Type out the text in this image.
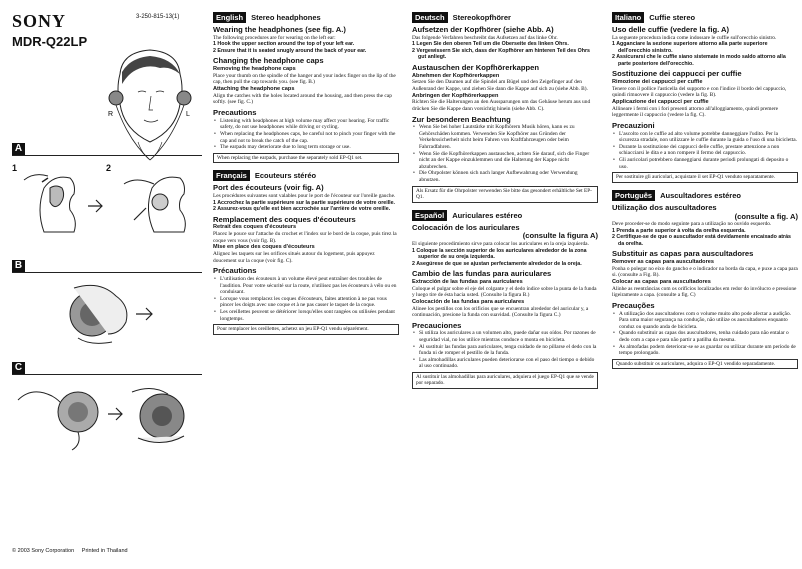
SONY
MDR-Q22LP
3-250-815-13(1)
R	L
A
1	2
B
C
© 2003 Sony Corporation Printed in Thailand
English	Stereo headphones
Wearing the headphones (see fig. A.)
The following procedures are for wearing on the left ear:
1 Hook the upper section around the top of your left ear.
2 Ensure that it is seated snugly around the back of your ear.
Changing the headphone caps
Removing the headphone caps
Place your thumb on the spindle of the hanger and your index finger on the lip of the cap, then pull the cap towards you. (see fig. B.)
Attaching the headphone caps
Align the catches with the holes located around the housing, and then press the cap softly. (see fig. C.)
Precautions
• Listening with headphones at high volume may affect your hearing. For traffic safety, do not use headphones while driving or cycling.
• When replacing the headphones caps, be careful not to pinch your finger with the cap and not to break the catch of the cap.
• The earpads may deteriorate due to long term storage or use.
When replacing the earpads, purchase the separately sold EP-Q1 set.
Français	Ecouteurs stéréo
Port des écouteurs (voir fig. A)
Les procédures suivantes sont valables pour le port de l'écouteur sur l'oreille gauche.
1 Accrochez la partie supérieure sur la partie supérieure de votre oreille.
2 Assurez-vous qu'elle est bien accrochée sur l'arrière de votre oreille.
Remplacement des coques d'écouteurs
Retrait des coques d'écouteurs
Placez le pouce sur l'attache du crochet et l'index sur le bord de la coque, puis tirez la coque vers vous (voir fig. B).
Mise en place des coques d'écouteurs
Alignez les taquets sur les orifices situés autour du logement, puis appuyez doucement sur la coque (voir fig. C).
Précautions
• L'utilisation des écouteurs à un volume élevé peut entraîner des troubles de l'audition. Pour votre sécurité sur la route, n'utilisez pas les écouteurs à vélo ou en conduisant.
• Lorsque vous remplacez les coques d'écouteurs, faites attention à ne pas vous pincer les doigts avec une coque et à ne pas casser le taquet de la coque.
• Les oreillettes peuvent se détériorer lorsqu'elles sont rangées ou utilisées pendant longtemps.
Pour remplacer les oreillettes, achetez un jeu EP-Q1 vendu séparément.
Deutsch	Stereokopfhörer
Aufsetzen der Kopfhörer (siehe Abb. A)
Das folgende Verfahren beschreibt das Aufsetzen auf das linke Ohr.
1 Legen Sie den oberen Teil um die Oberseite des linken Ohrs.
2 Vergewissern Sie sich, dass der Kopfhörer am hinteren Teil des Ohrs gut anliegt.
Austauschen der Kopfhörerkappen
Abnehmen der Kopfhörerkappen
Setzen Sie den Daumen auf die Spindel am Bügel und den Zeigefinger auf den Außenrand der Kappe, und ziehen Sie dann die Kappe auf sich zu (siehe Abb. B).
Anbringen der Kopfhörerkappen
Richten Sie die Halterungen an den Aussparungen um das Gehäuse herum aus und drücken Sie die Kappe dann vorsichtig hinein (siehe Abb. C).
Zur besonderen Beachtung
• Wenn Sie bei hoher Lautstärke mit Kopfhörern Musik hören, kann es zu Gehörschäden kommen. Verwenden Sie Kopfhörer aus Gründen der Verkehrssicherheit nicht beim Fahren von Kraftfahrzeugen oder beim Fahrradfahren.
• Wenn Sie die Kopfhörerkappen austauschen, achten Sie darauf, sich die Finger nicht an der Kappe einzuklemmen und die Halterung der Kappe nicht abzubrechen.
• Die Ohrpolster können sich nach langer Aufbewahrung oder Verwendung abnutzen.
Als Ersatz für die Ohrpolster verwenden Sie bitte das gesondert erhältliche Set EP-Q1.
Español	Auriculares estéreo
Colocación de los auriculares
(consulte la figura A)
El siguiente procedimiento sirve para colocar los auriculares en la oreja izquierda.
1 Coloque la sección superior de los auriculares alrededor de la zona superior de su oreja izquierda.
2 Asegúrese de que se ajustan perfectamente alrededor de la oreja.
Cambio de las fundas para auriculares
Extracción de las fundas para auriculares
Coloque el pulgar sobre el eje del colgante y el dedo índice sobre la punta de la funda y luego tire de ésta hacia usted. (Consulte la figura B.)
Colocación de las fundas para auriculares
Alinee los pestillos con los orificios que se encuentran alrededor del auricular y, a continuación, presione la funda con suavidad. (Consulte la figura C.)
Precauciones
• Si utiliza los auriculares a un volumen alto, puede dañar sus oídos. Por razones de seguridad vial, no los utilice mientras conduce o monta en bicicleta.
• Al sustituir las fundas para auriculares, tenga cuidado de no pillarse el dedo con la funda ni de romper el pestillo de la funda.
• Las almohadillas auriculares pueden deteriorarse con el paso del tiempo o debido al uso continuado.
Al sustituir las almohadillas para auriculares, adquiera el juego EP-Q1 que se vende por separado.
Italiano	Cuffie stereo
Uso delle cuffie (vedere la fig. A)
La seguente procedura indica come indossare le cuffie sull'orecchio sinistro.
1 Agganciare la sezione superiore attorno alla parte superiore dell'orecchio sinistro.
2 Assicurarsi che le cuffie siano sistemate in modo saldo attorno alla parte posteriore dell'orecchio.
Sostituzione dei cappucci per cuffie
Rimozione dei cappucci per cuffie
Tenere con il pollice l'asticella del supporto e con l'indice il bordo del cappuccio, quindi rimuovere il cappuccio (vedere la fig. B).
Applicazione dei cappucci per cuffie
Allineare i fermi con i fori presenti attorno all'alloggiamento, quindi premere leggermente il cappuccio (vedere la fig. C).
Precauzioni
• L'ascolto con le cuffie ad alto volume potrebbe danneggiare l'udito. Per la sicurezza stradale, non utilizzare le cuffie durante la guida o l'uso di una bicicletta.
• Durante la sostituzione dei cappucci delle cuffie, prestare attenzione a non schiacciarsi le dita e a non rompere il fermo del cappuccio.
• Gli auricolari potrebbero danneggiarsi durante periodi prolungati di deposito o uso.
Per sostituire gli auricolari, acquistare il set EP-Q1 venduto separatamente.
Português	Auscultadores estéreo
Utilização dos auscultadores
(consulte a fig. A)
Deve proceder-se do modo seguinte para a utilização no ouvido esquerdo.
1 Prenda a parte superior à volta da orelha esquerda.
2 Certifique-se de que o auscultador está devidamente encaixado atrás da orelha.
Substituir as capas para auscultadores
Remover as capas para auscultadores
Ponha o polegar no eixo do gancho e o indicador na borda da capa, e puxe a capa para si. (consulte a Fig. B).
Colocar as capas para auscultadores
Alinhe as reentrâncias com os orifícios localizados em redor do invólucro e pressione ligeiramente a capa. (consulte a fig. C)
Precauções
• A utilização dos auscultadores com o volume muito alto pode afectar a audição. Para uma maior segurança na condução, não utilize os auscultadores enquanto conduz ou quando anda de bicicleta.
• Quando substituir as capas dos auscultadores, tenha cuidado para não entalar o dedo com a capa e para não partir a patilha da mesma.
• As almofadas podem deteriorar-se se as guardar ou utilizar durante um período de tempo prolongado.
Quando substituir os auriculares, adquira o EP-Q1 vendido separadamente.
